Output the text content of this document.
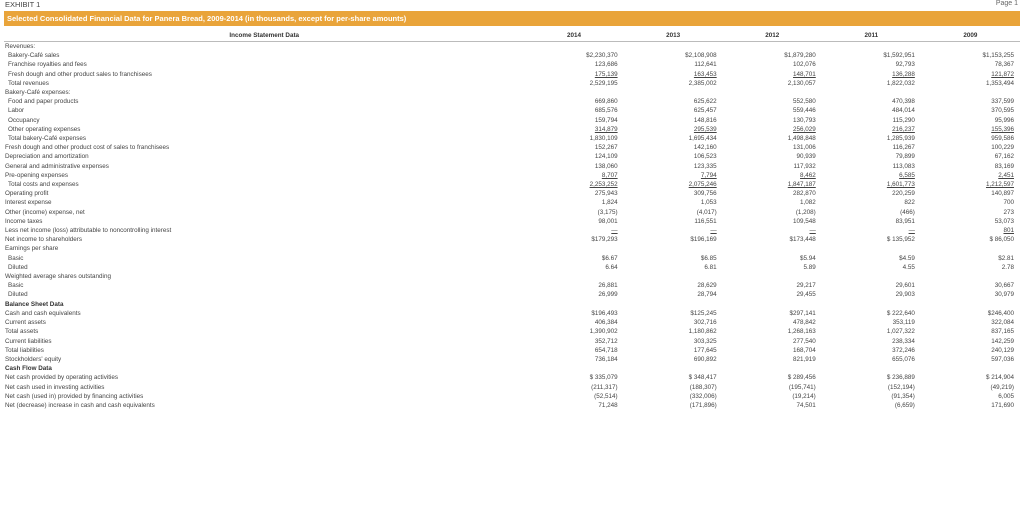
Page 1
EXHIBIT 1
Selected Consolidated Financial Data for Panera Bread, 2009-2014 (in thousands, except for per-share amounts)
Income Statement Data	2014	2013	2012	2011	2009
Revenues:					
Bakery-Café sales	$2,230,370	$2,108,908	$1,879,280	$1,592,951	$1,153,255
Franchise royalties and fees	123,686	112,641	102,076	92,793	78,367
Fresh dough and other product sales to franchisees	175,139	163,453	148,701	136,288	121,872
Total revenues	2,529,195	2,385,002	2,130,057	1,822,032	1,353,494
Bakery-Café expenses:					
Food and paper products	669,860	625,622	552,580	470,398	337,599
Labor	685,576	625,457	559,446	484,014	370,595
Occupancy	159,794	148,816	130,793	115,290	95,996
Other operating expenses	314,879	295,539	256,029	216,237	155,396
Total bakery-Café expenses	1,830,109	1,695,434	1,498,848	1,285,939	959,586
Fresh dough and other product cost of sales to franchisees	152,267	142,160	131,006	116,267	100,229
Depreciation and amortization	124,109	106,523	90,939	79,899	67,162
General and administrative expenses	138,060	123,335	117,932	113,083	83,169
Pre-opening expenses	8,707	7,794	8,462	6,585	2,451
Total costs and expenses	2,253,252	2,075,246	1,847,187	1,601,773	1,212,597
Operating profit	275,943	309,756	282,870	220,259	140,897
Interest expense	1,824	1,053	1,082	822	700
Other (income) expense, net	(3,175)	(4,017)	(1,208)	(466)	273
Income taxes	98,001	116,551	109,548	83,951	53,073
Less net income (loss) attributable to noncontrolling interest	—	—	—	—	801
Net income to shareholders	$179,293	$196,169	$173,448	$ 135,952	$ 86,050
Earnings per share					
Basic	$6.67	$6.85	$5.94	$4.59	$2.81
Diluted	6.64	6.81	5.89	4.55	2.78
Weighted average shares outstanding					
Basic	26,881	28,629	29,217	29,601	30,667
Diluted	26,999	28,794	29,455	29,903	30,979
Balance Sheet Data					
Cash and cash equivalents	$196,493	$125,245	$297,141	$ 222,640	$246,400
Current assets	406,384	302,716	478,842	353,119	322,084
Total assets	1,390,902	1,180,862	1,268,163	1,027,322	837,165
Current liabilities	352,712	303,325	277,540	238,334	142,259
Total liabilities	654,718	177,645	168,704	372,246	240,129
Stockholders' equity	736,184	690,892	821,919	655,076	597,036
Cash Flow Data					
Net cash provided by operating activities	$ 335,079	$ 348,417	$ 289,456	$ 236,889	$ 214,904
Net cash used in investing activities	(211,317)	(188,307)	(195,741)	(152,194)	(49,219)
Net cash (used in) provided by financing activities	(52,514)	(332,006)	(19,214)	(91,354)	6,005
Net (decrease) increase in cash and cash equivalents	71,248	(171,896)	74,501	(6,659)	171,690
